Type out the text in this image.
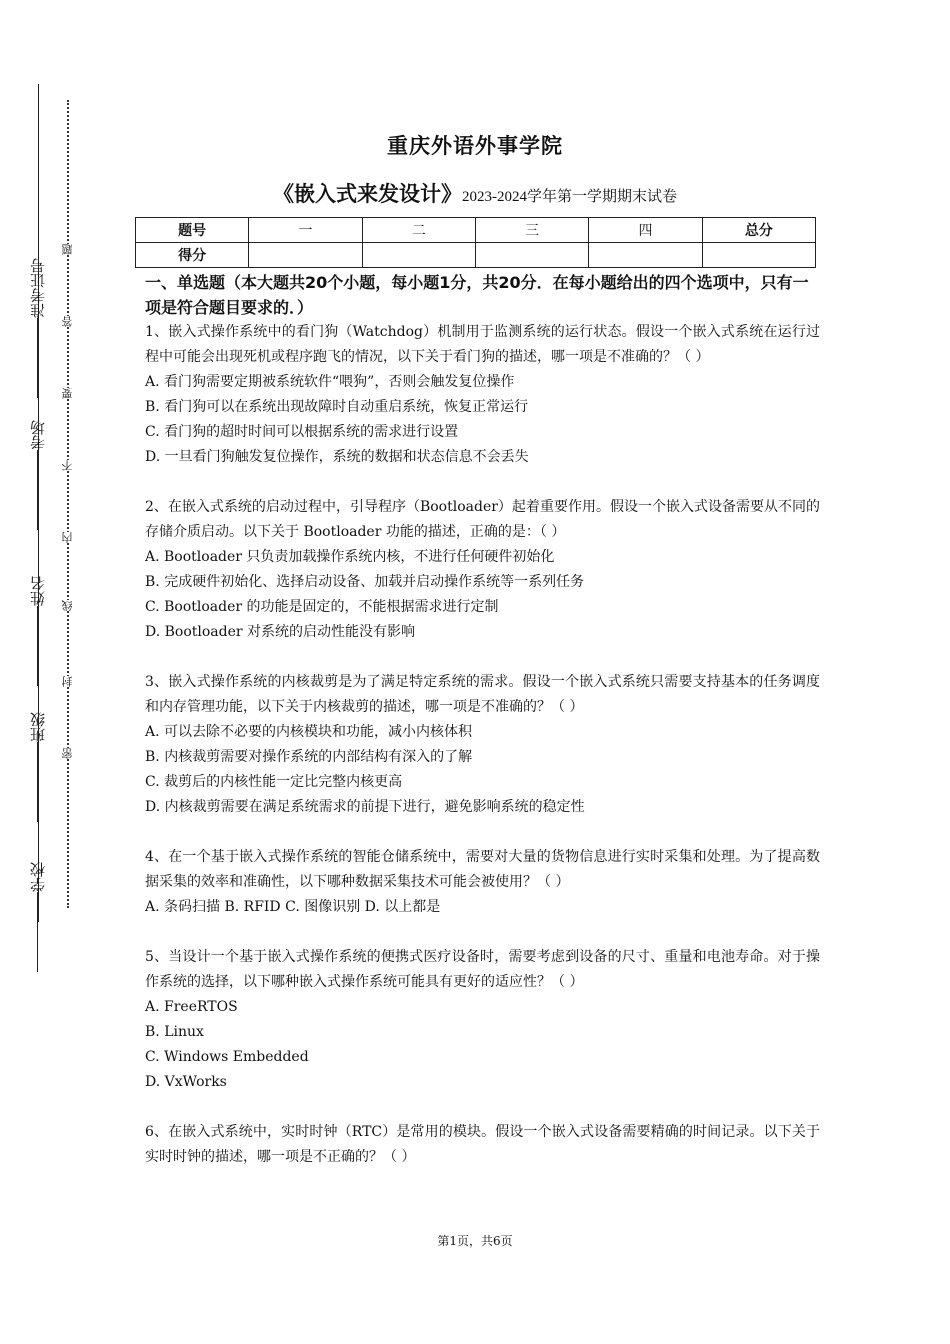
准考证号
考场
姓名
班级
学校
题
答
要
不
内
线
封
密
重庆外语外事学院
《嵌入式来发设计》2023-2024学年第一学期期末试卷
题号	一	二	三	四	总分
得分					
一、单选题（本大题共20个小题，每小题1分，共20分．在每小题给出的四个选项中，只有一项是符合题目要求的．）

1、嵌入式操作系统中的看门狗（Watchdog）机制用于监测系统的运行状态。假设一个嵌入式系统在运行过程中可能会出现死机或程序跑飞的情况，以下关于看门狗的描述，哪一项是不准确的？（ ）

A. 看门狗需要定期被系统软件“喂狗”，否则会触发复位操作

B. 看门狗可以在系统出现故障时自动重启系统，恢复正常运行

C. 看门狗的超时时间可以根据系统的需求进行设置

D. 一旦看门狗触发复位操作，系统的数据和状态信息不会丢失

2、在嵌入式系统的启动过程中，引导程序（Bootloader）起着重要作用。假设一个嵌入式设备需要从不同的存储介质启动。以下关于 Bootloader 功能的描述，正确的是：（ ）

A. Bootloader 只负责加载操作系统内核，不进行任何硬件初始化

B. 完成硬件初始化、选择启动设备、加载并启动操作系统等一系列任务

C. Bootloader 的功能是固定的，不能根据需求进行定制

D. Bootloader 对系统的启动性能没有影响

3、嵌入式操作系统的内核裁剪是为了满足特定系统的需求。假设一个嵌入式系统只需要支持基本的任务调度和内存管理功能，以下关于内核裁剪的描述，哪一项是不准确的？（ ）

A. 可以去除不必要的内核模块和功能，减小内核体积

B. 内核裁剪需要对操作系统的内部结构有深入的了解

C. 裁剪后的内核性能一定比完整内核更高

D. 内核裁剪需要在满足系统需求的前提下进行，避免影响系统的稳定性

4、在一个基于嵌入式操作系统的智能仓储系统中，需要对大量的货物信息进行实时采集和处理。为了提高数据采集的效率和准确性，以下哪种数据采集技术可能会被使用？（ ）

A. 条码扫描 B. RFID C. 图像识别 D. 以上都是

5、当设计一个基于嵌入式操作系统的便携式医疗设备时，需要考虑到设备的尺寸、重量和电池寿命。对于操作系统的选择，以下哪种嵌入式操作系统可能具有更好的适应性？（ ）

A. FreeRTOS

B. Linux

C. Windows Embedded

D. VxWorks

6、在嵌入式系统中，实时时钟（RTC）是常用的模块。假设一个嵌入式设备需要精确的时间记录。以下关于实时时钟的描述，哪一项是不正确的？（ ）

第1页，共6页
